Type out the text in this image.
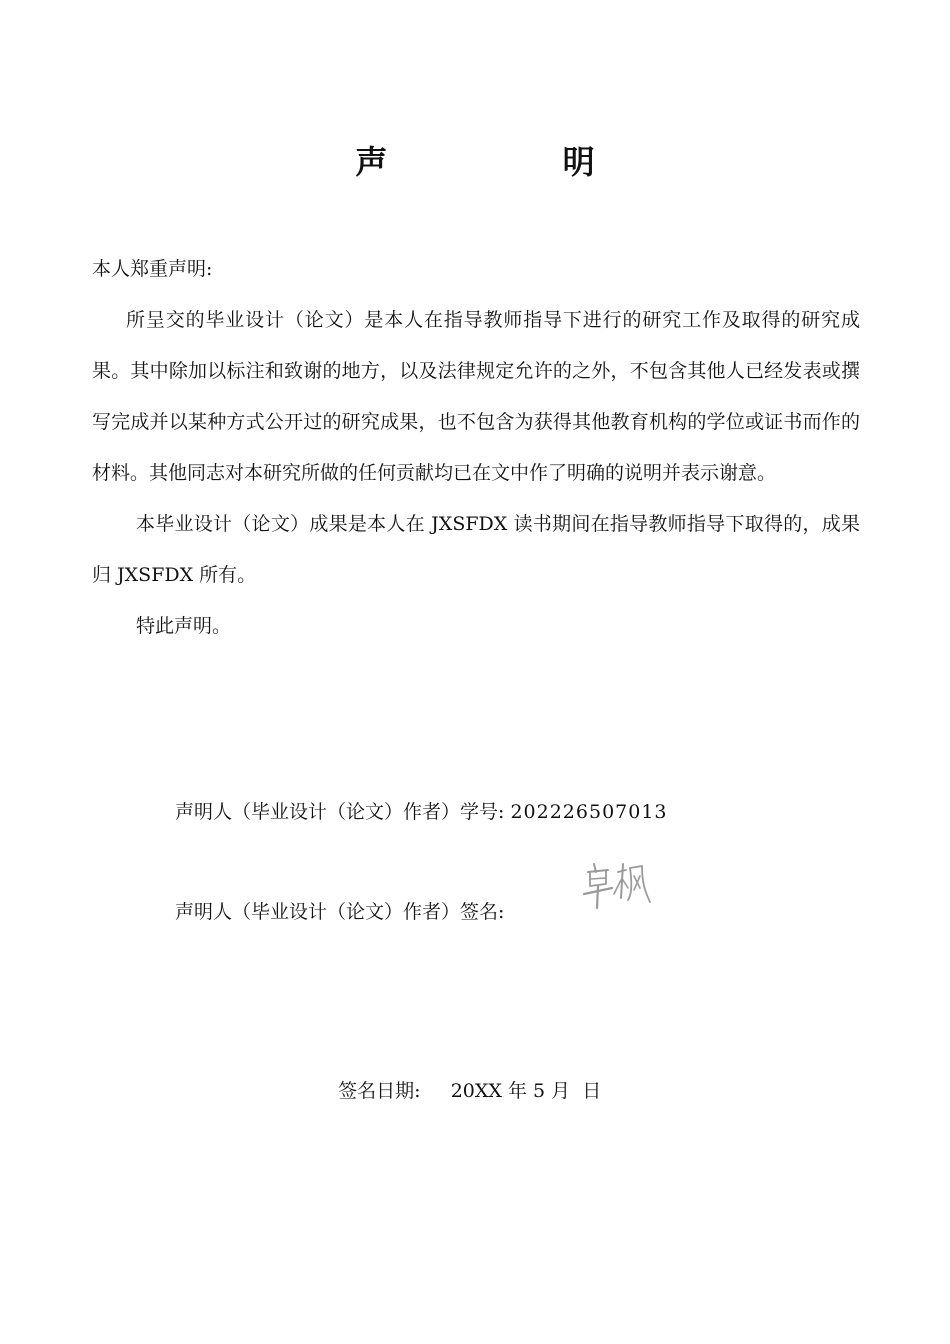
声 明

本人郑重声明:

所呈交的毕业设计（论文）是本人在指导教师指导下进行的研究工作及取得的研究成果。其中除加以标注和致谢的地方，以及法律规定允许的之外，不包含其他人已经发表或撰写完成并以某种方式公开过的研究成果，也不包含为获得其他教育机构的学位或证书而作的材料。其他同志对本研究所做的任何贡献均已在文中作了明确的说明并表示谢意。

本毕业设计（论文）成果是本人在 JXSFDX 读书期间在指导教师指导下取得的，成果归 JXSFDX 所有。

特此声明。

声明人（毕业设计（论文）作者）学号: 202226507013
声明人（毕业设计（论文）作者）签名:

签名日期: 20XX 年 5 月  日
